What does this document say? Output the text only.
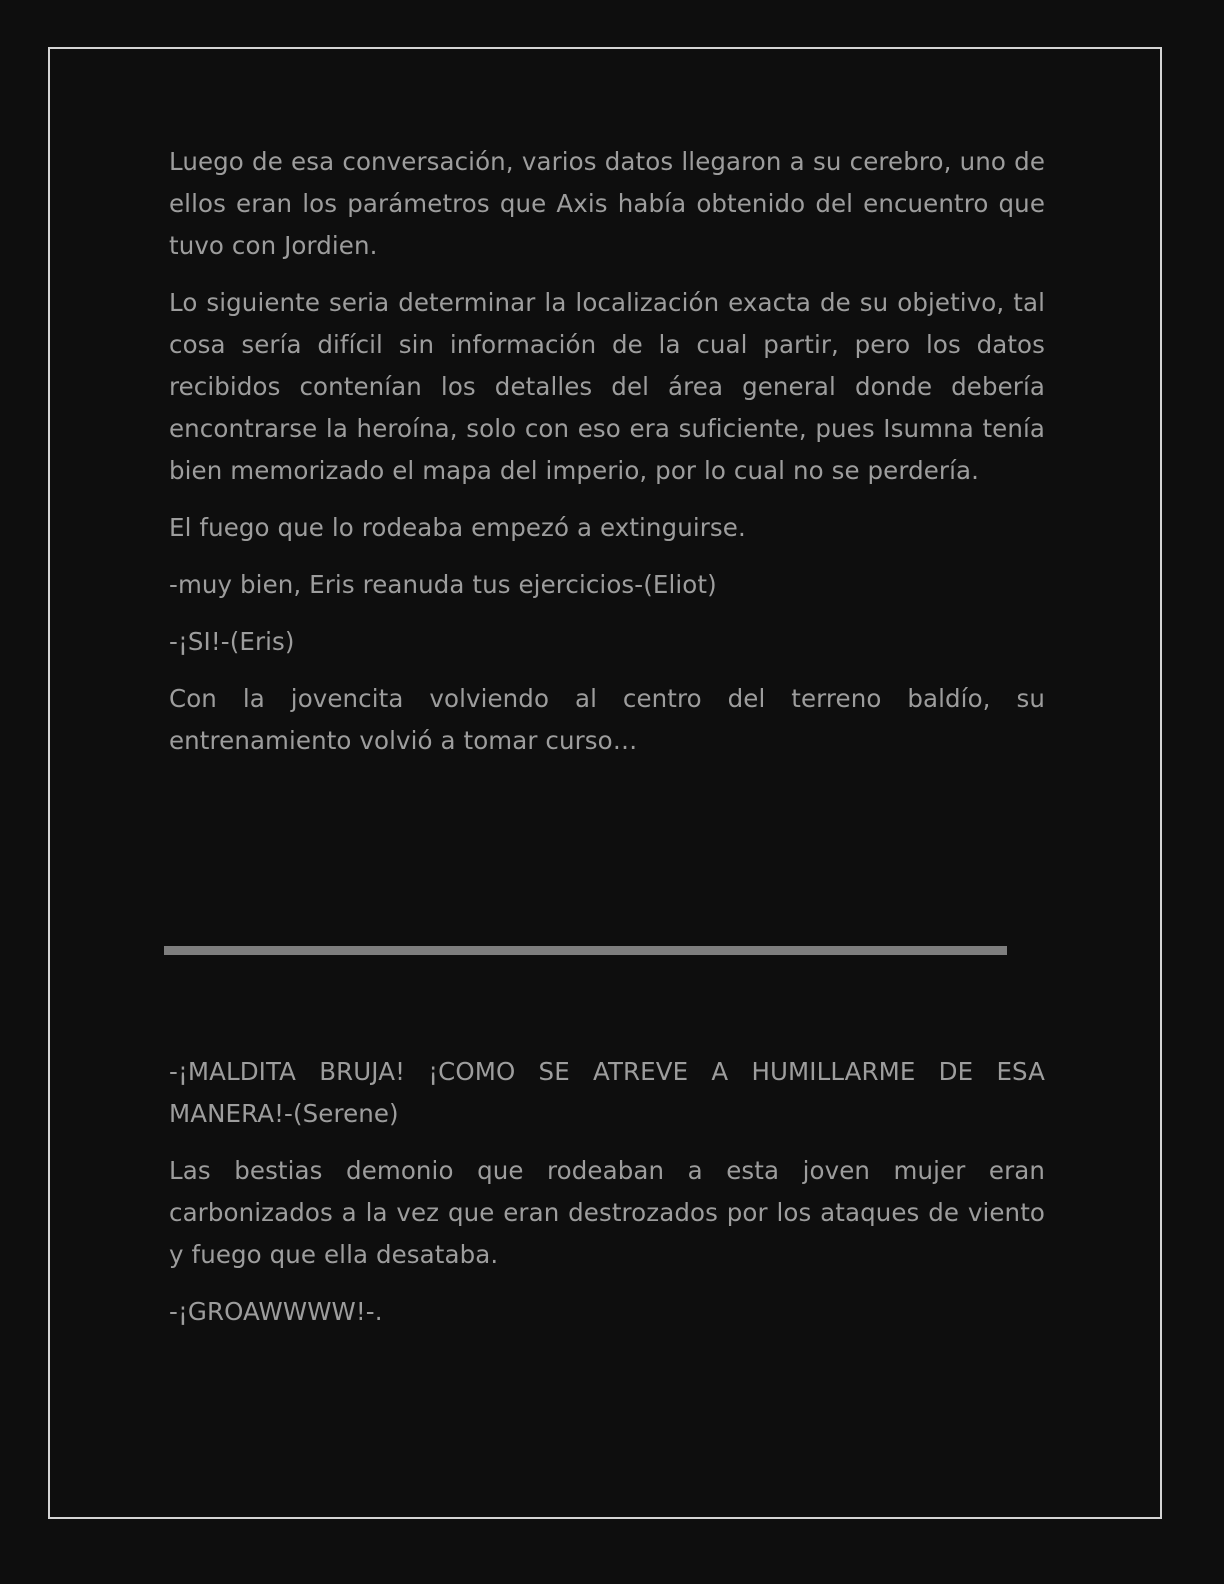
Luego de esa conversación, varios datos llegaron a su cerebro, uno de ellos eran los parámetros que Axis había obtenido del encuentro que tuvo con Jordien.

Lo siguiente seria determinar la localización exacta de su objetivo, tal cosa sería difícil sin información de la cual partir, pero los datos recibidos contenían los detalles del área general donde debería encontrarse la heroína, solo con eso era suficiente, pues Isumna tenía bien memorizado el mapa del imperio, por lo cual no se perdería.

El fuego que lo rodeaba empezó a extinguirse.

-muy bien, Eris reanuda tus ejercicios-(Eliot)

-¡SI!-(Eris)

Con la jovencita volviendo al centro del terreno baldío, su entrenamiento volvió a tomar curso…

-¡MALDITA BRUJA! ¡COMO SE ATREVE A HUMILLARME DE ESA MANERA!-(Serene)

Las bestias demonio que rodeaban a esta joven mujer eran carbonizados a la vez que eran destrozados por los ataques de viento y fuego que ella desataba.

-¡GROAWWWW!-.
